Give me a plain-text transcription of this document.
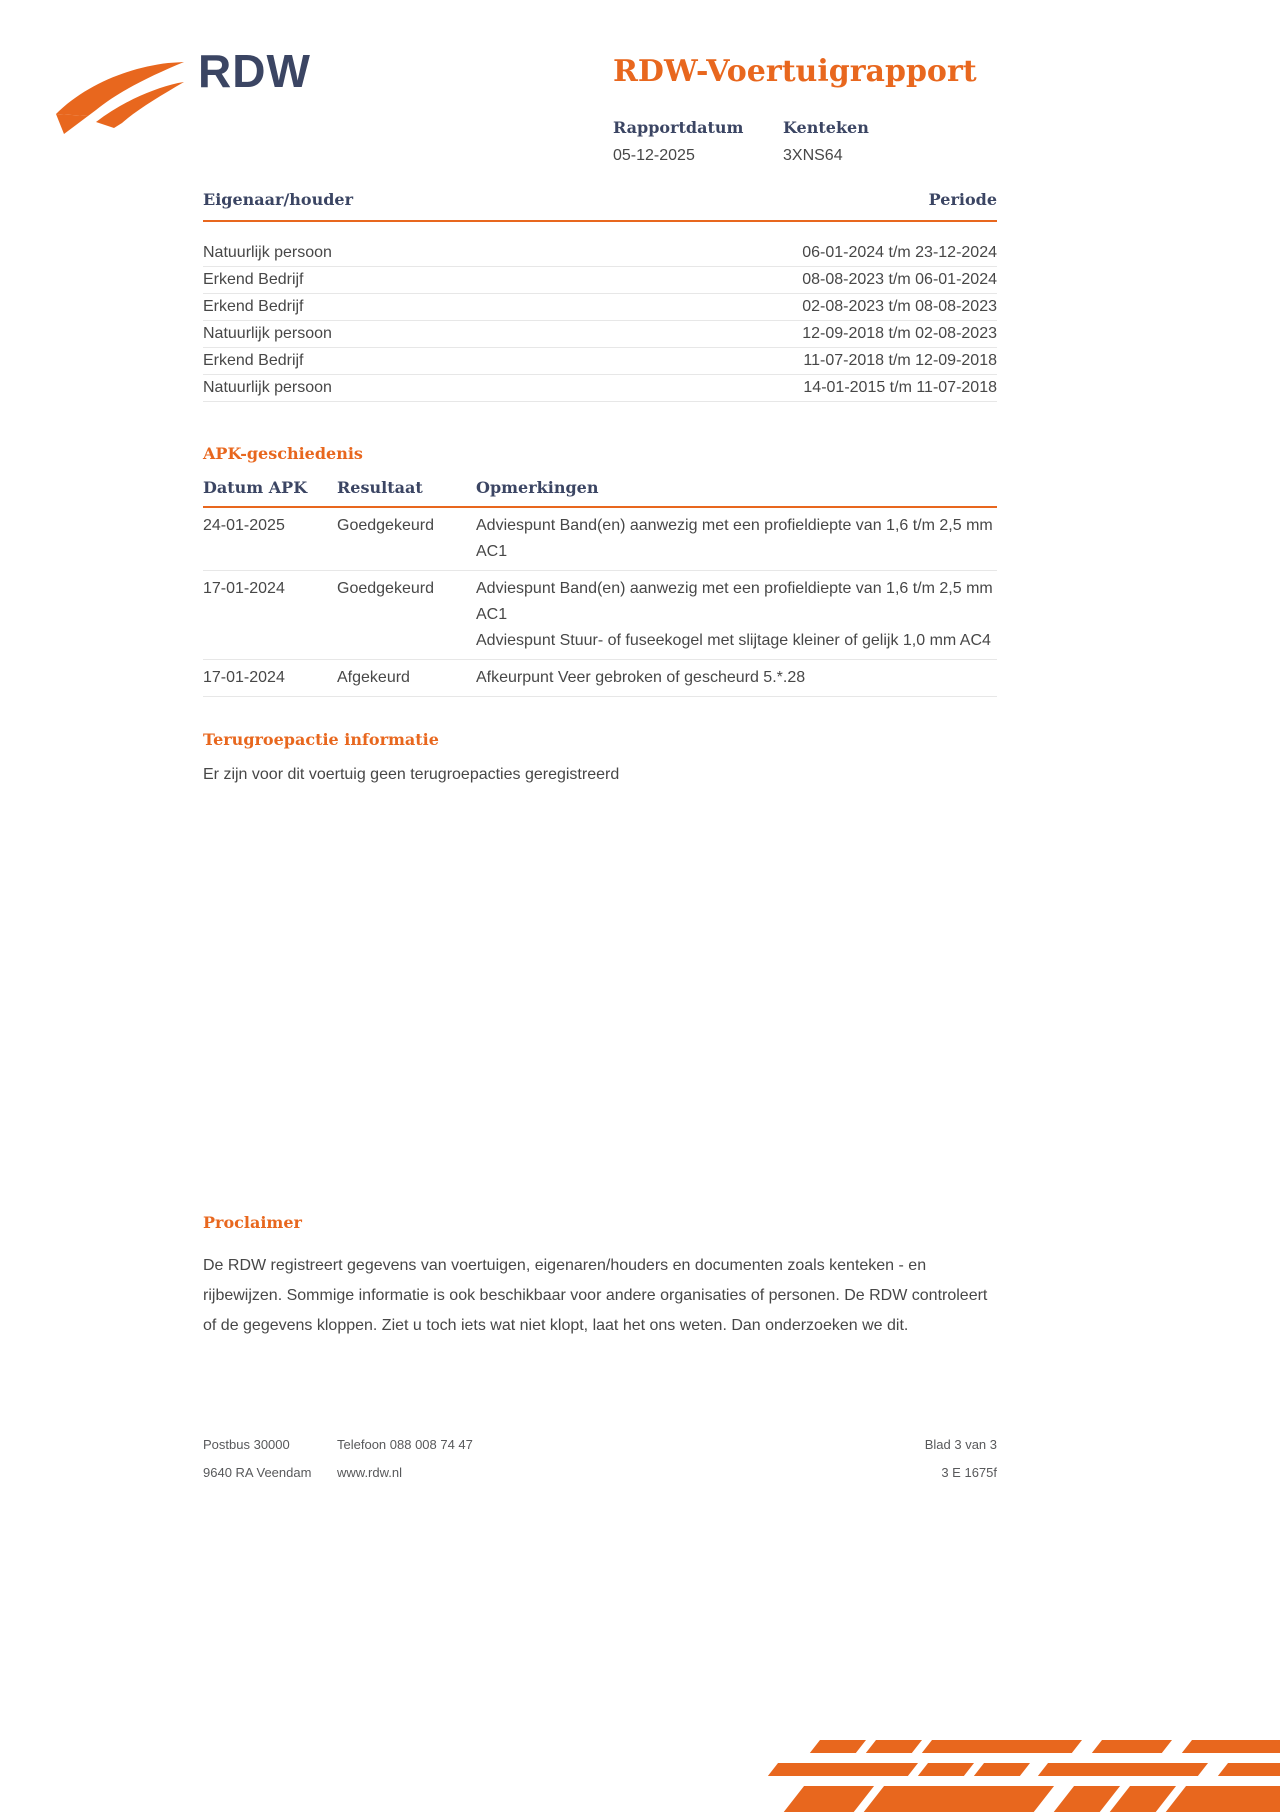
RDW	RDW-Voertuigrapport
Rapportdatum
05-12-2025
Kenteken
3XNS64
Eigenaar/houder	Periode
Natuurlijk persoon	06-01-2024 t/m 23-12-2024
Erkend Bedrijf	08-08-2023 t/m 06-01-2024
Erkend Bedrijf	02-08-2023 t/m 08-08-2023
Natuurlijk persoon	12-09-2018 t/m 02-08-2023
Erkend Bedrijf	11-07-2018 t/m 12-09-2018
Natuurlijk persoon	14-01-2015 t/m 11-07-2018
APK-geschiedenis
Datum APK	Resultaat	Opmerkingen
24-01-2025	Goedgekeurd	Adviespunt Band(en) aanwezig met een profieldiepte van 1,6 t/m 2,5 mm AC1
17-01-2024	Goedgekeurd	Adviespunt Band(en) aanwezig met een profieldiepte van 1,6 t/m 2,5 mm AC1
Adviespunt Stuur- of fuseekogel met slijtage kleiner of gelijk 1,0 mm AC4
17-01-2024	Afgekeurd	Afkeurpunt Veer gebroken of gescheurd 5.*.28
Terugroepactie informatie

Er zijn voor dit voertuig geen terugroepacties geregistreerd

Proclaimer

De RDW registreert gegevens van voertuigen, eigenaren/houders en documenten zoals kenteken - en rijbewijzen. Sommige informatie is ook beschikbaar voor andere organisaties of personen. De RDW controleert of de gegevens kloppen. Ziet u toch iets wat niet klopt, laat het ons weten. Dan onderzoeken we dit.

Postbus 30000	Telefoon 088 008 74 47	Blad 3 van 3
9640 RA Veendam	www.rdw.nl	3 E 1675f
